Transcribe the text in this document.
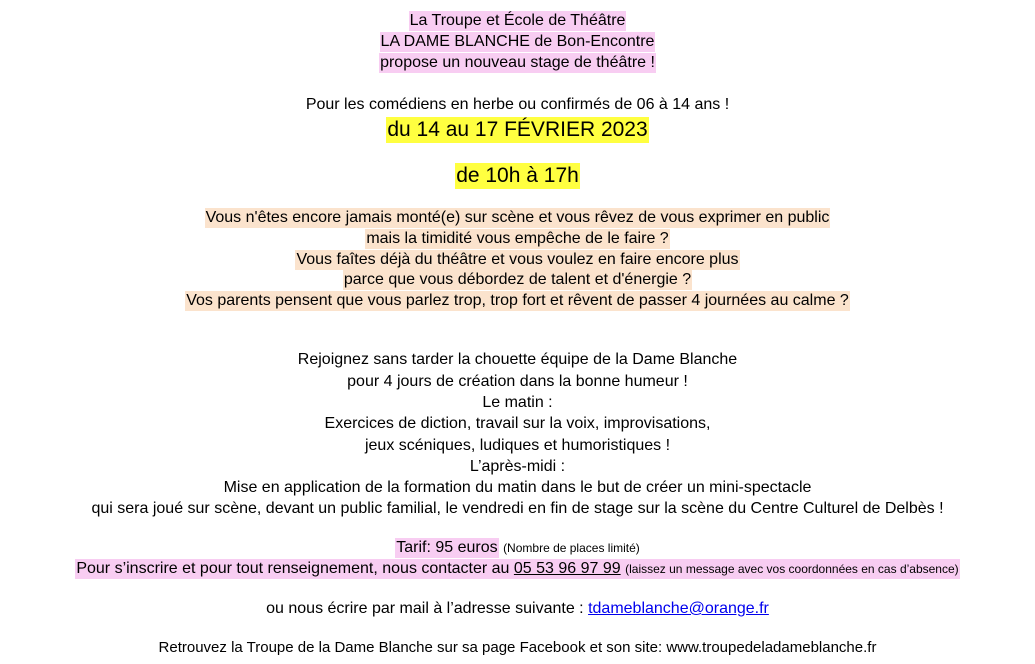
La Troupe et École de Théâtre
LA DAME BLANCHE de Bon-Encontre
propose un nouveau stage de théâtre !
Pour les comédiens en herbe ou confirmés de 06 à 14 ans !
du 14 au 17 FÉVRIER 2023
de 10h à 17h
Vous n'êtes encore jamais monté(e) sur scène et vous rêvez de vous exprimer en public
mais la timidité vous empêche de le faire ?
Vous faîtes déjà du théâtre et vous voulez en faire encore plus
parce que vous débordez de talent et d'énergie ?
Vos parents pensent que vous parlez trop, trop fort et rêvent de passer 4 journées au calme ?
Rejoignez sans tarder la chouette équipe de la Dame Blanche
pour 4 jours de création dans la bonne humeur !
Le matin :
Exercices de diction, travail sur la voix, improvisations,
jeux scéniques, ludiques et humoristiques !
L’après-midi :
Mise en application de la formation du matin dans le but de créer un mini-spectacle
qui sera joué sur scène, devant un public familial, le vendredi en fin de stage sur la scène du Centre Culturel de Delbès !
Tarif: 95 euros (Nombre de places limité)
Pour s’inscrire et pour tout renseignement, nous contacter au 05 53 96 97 99 (laissez un message avec vos coordonnées en cas d’absence)
ou nous écrire par mail à l’adresse suivante : tdameblanche@orange.fr
Retrouvez la Troupe de la Dame Blanche sur sa page Facebook et son site: www.troupedeladameblanche.fr
